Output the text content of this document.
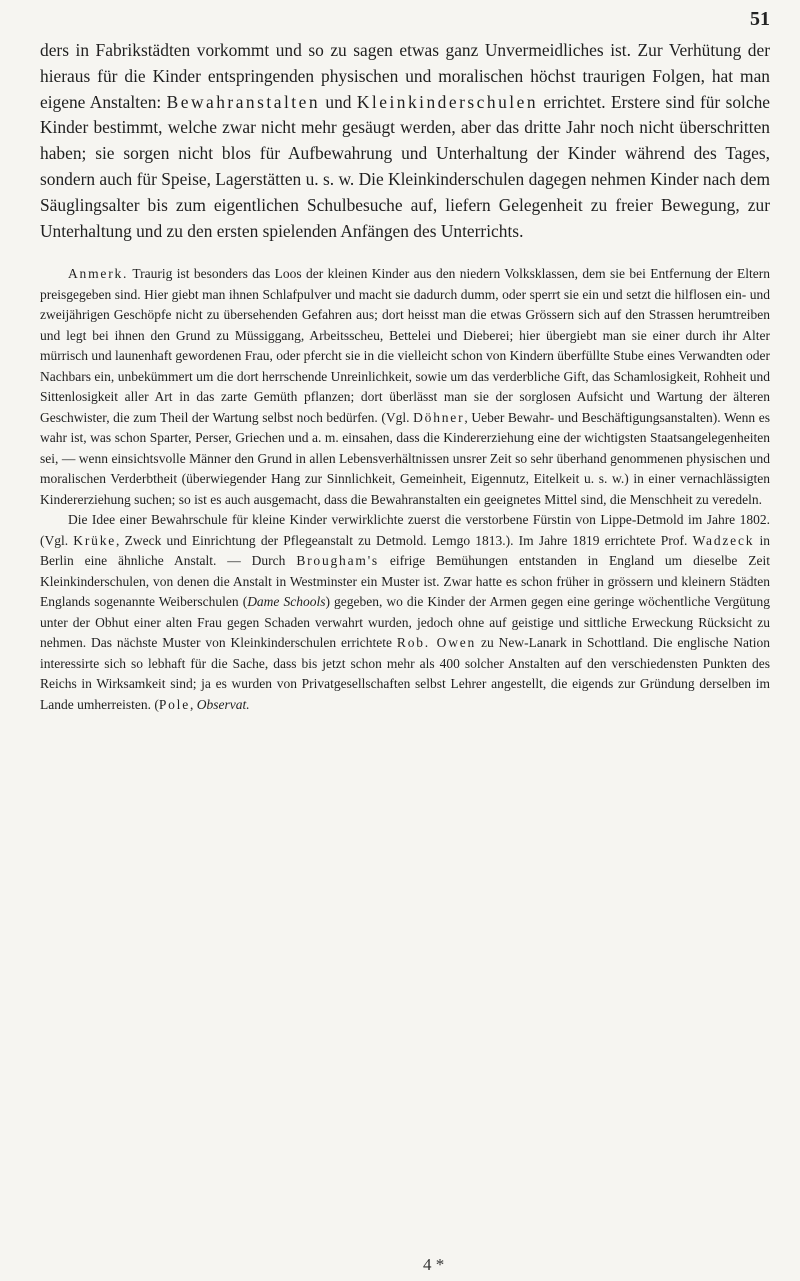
51

ders in Fabrikstädten vorkommt und so zu sagen etwas ganz Unvermeidliches ist. Zur Verhütung der hieraus für die Kinder entspringenden physischen und moralischen höchst traurigen Folgen, hat man eigene Anstalten: Bewahranstalten und Kleinkinderschulen errichtet. Erstere sind für solche Kinder bestimmt, welche zwar nicht mehr gesäugt werden, aber das dritte Jahr noch nicht überschritten haben; sie sorgen nicht blos für Aufbewahrung und Unterhaltung der Kinder während des Tages, sondern auch für Speise, Lagerstätten u. s. w. Die Kleinkinderschulen dagegen nehmen Kinder nach dem Säuglingsalter bis zum eigentlichen Schulbesuche auf, liefern Gelegenheit zu freier Bewegung, zur Unterhaltung und zu den ersten spielenden Anfängen des Unterrichts.

Anmerk. Traurig ist besonders das Loos der kleinen Kinder aus den niedern Volksklassen, dem sie bei Entfernung der Eltern preisgegeben sind. Hier giebt man ihnen Schlafpulver und macht sie dadurch dumm, oder sperrt sie ein und setzt die hilflosen ein- und zweijährigen Geschöpfe nicht zu übersehenden Gefahren aus; dort heisst man die etwas Grössern sich auf den Strassen herumtreiben und legt bei ihnen den Grund zu Müssiggang, Arbeitsscheu, Bettelei und Dieberei; hier übergiebt man sie einer durch ihr Alter mürrisch und launenhaft gewordenen Frau, oder pfercht sie in die vielleicht schon von Kindern überfüllte Stube eines Verwandten oder Nachbars ein, unbekümmert um die dort herrschende Unreinlichkeit, sowie um das verderbliche Gift, das Schamlosigkeit, Rohheit und Sittenlosigkeit aller Art in das zarte Gemüth pflanzen; dort überlässt man sie der sorglosen Aufsicht und Wartung der älteren Geschwister, die zum Theil der Wartung selbst noch bedürfen. (Vgl. Döhner, Ueber Bewahr- und Beschäftigungsanstalten). Wenn es wahr ist, was schon Sparter, Perser, Griechen und a. m. einsahen, dass die Kindererziehung eine der wichtigsten Staatsangelegenheiten sei, — wenn einsichtsvolle Männer den Grund in allen Lebensverhältnissen unsrer Zeit so sehr überhand genommenen physischen und moralischen Verderbtheit (überwiegender Hang zur Sinnlichkeit, Gemeinheit, Eigennutz, Eitelkeit u. s. w.) in einer vernachlässigten Kindererziehung suchen; so ist es auch ausgemacht, dass die Bewahranstalten ein geeignetes Mittel sind, die Menschheit zu veredeln.

Die Idee einer Bewahrschule für kleine Kinder verwirklichte zuerst die verstorbene Fürstin von Lippe-Detmold im Jahre 1802. (Vgl. Krüke, Zweck und Einrichtung der Pflegeanstalt zu Detmold. Lemgo 1813.). Im Jahre 1819 errichtete Prof. Wadzeck in Berlin eine ähnliche Anstalt. — Durch Brougham's eifrige Bemühungen entstanden in England um dieselbe Zeit Kleinkinderschulen, von denen die Anstalt in Westminster ein Muster ist. Zwar hatte es schon früher in grössern und kleinern Städten Englands sogenannte Weiberschulen (Dame Schools) gegeben, wo die Kinder der Armen gegen eine geringe wöchentliche Vergütung unter der Obhut einer alten Frau gegen Schaden verwahrt wurden, jedoch ohne auf geistige und sittliche Erweckung Rücksicht zu nehmen. Das nächste Muster von Kleinkinderschulen errichtete Rob. Owen zu New-Lanark in Schottland. Die englische Nation interessirte sich so lebhaft für die Sache, dass bis jetzt schon mehr als 400 solcher Anstalten auf den verschiedensten Punkten des Reichs in Wirksamkeit sind; ja es wurden von Privatgesellschaften selbst Lehrer angestellt, die eigends zur Gründung derselben im Lande umherreisten. (Pole, Observat.

4 *
